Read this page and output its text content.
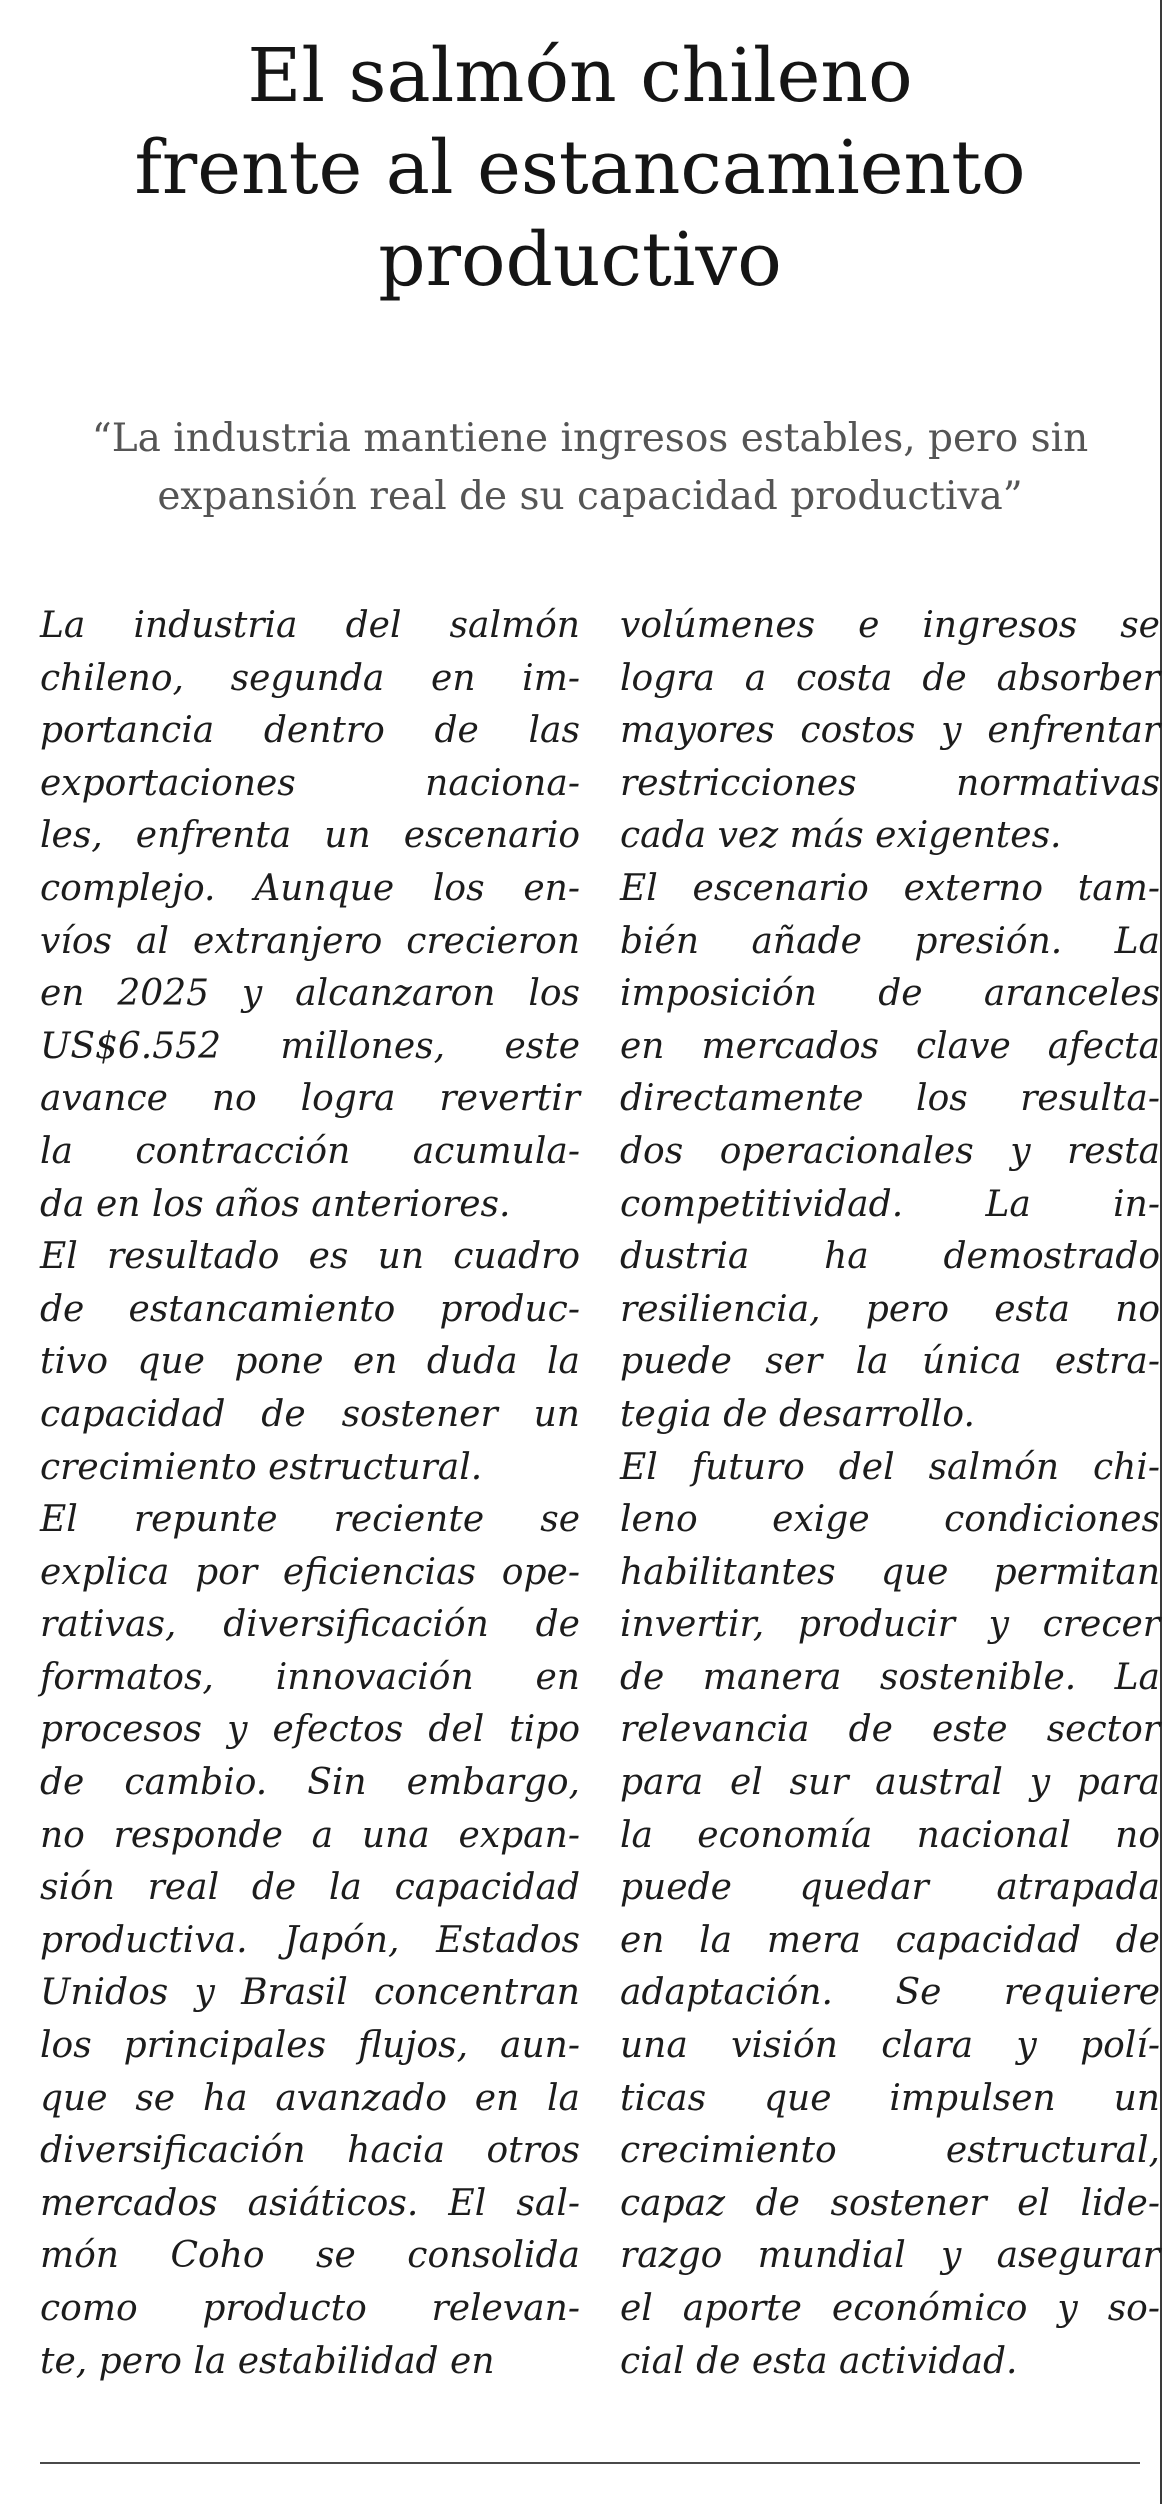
El salmón chileno
frente al estancamiento
productivo

“La industria mantiene ingresos estables, pero sin
expansión real de su capacidad productiva”

La industria del salmón
chileno, segunda en im-
portancia dentro de las
exportaciones naciona-
les, enfrenta un escenario
complejo. Aunque los en-
víos al extranjero crecieron
en 2025 y alcanzaron los
US$6.552 millones, este
avance no logra revertir
la contracción acumula-
da en los años anteriores.
El resultado es un cuadro
de estancamiento produc-
tivo que pone en duda la
capacidad de sostener un
crecimiento estructural.
El repunte reciente se
explica por eficiencias ope-
rativas, diversificación de
formatos, innovación en
procesos y efectos del tipo
de cambio. Sin embargo,
no responde a una expan-
sión real de la capacidad
productiva. Japón, Estados
Unidos y Brasil concentran
los principales flujos, aun-
que se ha avanzado en la
diversificación hacia otros
mercados asiáticos. El sal-
món Coho se consolida
como producto relevan-
te, pero la estabilidad en
volúmenes e ingresos se
logra a costa de absorber
mayores costos y enfrentar
restricciones normativas
cada vez más exigentes.
El escenario externo tam-
bién añade presión. La
imposición de aranceles
en mercados clave afecta
directamente los resulta-
dos operacionales y resta
competitividad. La in-
dustria ha demostrado
resiliencia, pero esta no
puede ser la única estra-
tegia de desarrollo.
El futuro del salmón chi-
leno exige condiciones
habilitantes que permitan
invertir, producir y crecer
de manera sostenible. La
relevancia de este sector
para el sur austral y para
la economía nacional no
puede quedar atrapada
en la mera capacidad de
adaptación. Se requiere
una visión clara y polí-
ticas que impulsen un
crecimiento estructural,
capaz de sostener el lide-
razgo mundial y asegurar
el aporte económico y so-
cial de esta actividad.
